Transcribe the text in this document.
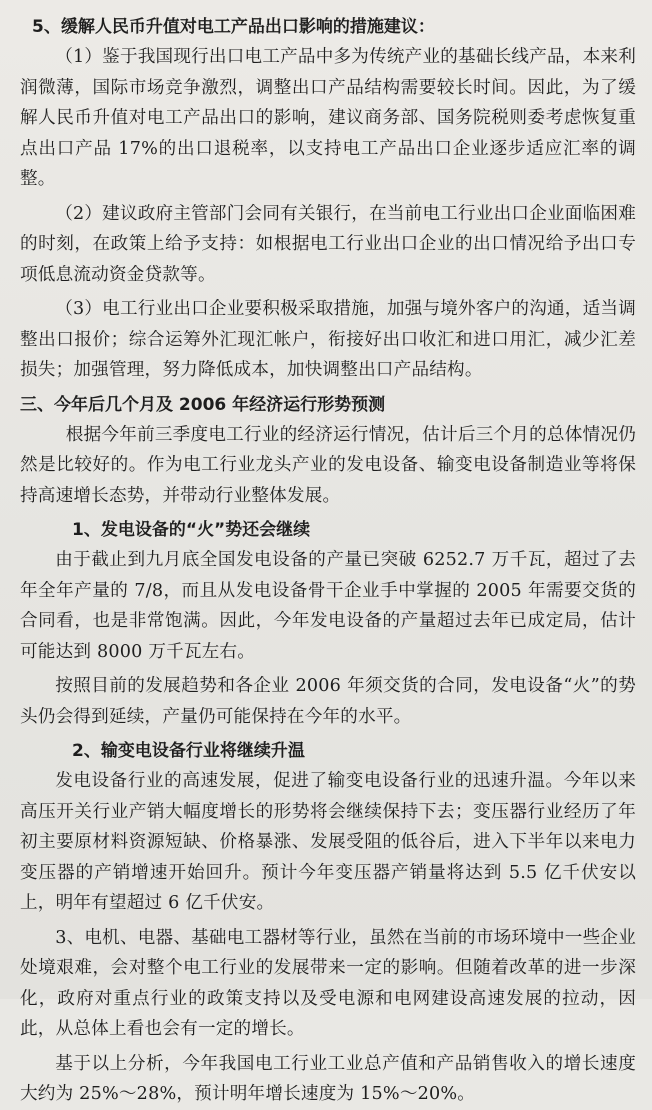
5、缓解人民币升值对电工产品出口影响的措施建议：

（1）鉴于我国现行出口电工产品中多为传统产业的基础长线产品，本来利润微薄，国际市场竞争激烈，调整出口产品结构需要较长时间。因此，为了缓解人民币升值对电工产品出口的影响，建议商务部、国务院税则委考虑恢复重点出口产品 17%的出口退税率，以支持电工产品出口企业逐步适应汇率的调整。

（2）建议政府主管部门会同有关银行，在当前电工行业出口企业面临困难的时刻，在政策上给予支持：如根据电工行业出口企业的出口情况给予出口专项低息流动资金贷款等。

（3）电工行业出口企业要积极采取措施，加强与境外客户的沟通，适当调整出口报价；综合运筹外汇现汇帐户，衔接好出口收汇和进口用汇，减少汇差损失；加强管理，努力降低成本，加快调整出口产品结构。

三、今年后几个月及 2006 年经济运行形势预测

根据今年前三季度电工行业的经济运行情况，估计后三个月的总体情况仍然是比较好的。作为电工行业龙头产业的发电设备、输变电设备制造业等将保持高速增长态势，并带动行业整体发展。

1、发电设备的“火”势还会继续

由于截止到九月底全国发电设备的产量已突破 6252.7 万千瓦，超过了去年全年产量的 7/8，而且从发电设备骨干企业手中掌握的 2005 年需要交货的合同看，也是非常饱满。因此，今年发电设备的产量超过去年已成定局，估计可能达到 8000 万千瓦左右。

按照目前的发展趋势和各企业 2006 年须交货的合同，发电设备“火”的势头仍会得到延续，产量仍可能保持在今年的水平。

2、输变电设备行业将继续升温

发电设备行业的高速发展，促进了输变电设备行业的迅速升温。今年以来高压开关行业产销大幅度增长的形势将会继续保持下去；变压器行业经历了年初主要原材料资源短缺、价格暴涨、发展受阻的低谷后，进入下半年以来电力变压器的产销增速开始回升。预计今年变压器产销量将达到 5.5 亿千伏安以上，明年有望超过 6 亿千伏安。

3、电机、电器、基础电工器材等行业，虽然在当前的市场环境中一些企业处境艰难，会对整个电工行业的发展带来一定的影响。但随着改革的进一步深化，政府对重点行业的政策支持以及受电源和电网建设高速发展的拉动，因此，从总体上看也会有一定的增长。

基于以上分析，今年我国电工行业工业总产值和产品销售收入的增长速度大约为 25%～28%，预计明年增长速度为 15%～20%。
